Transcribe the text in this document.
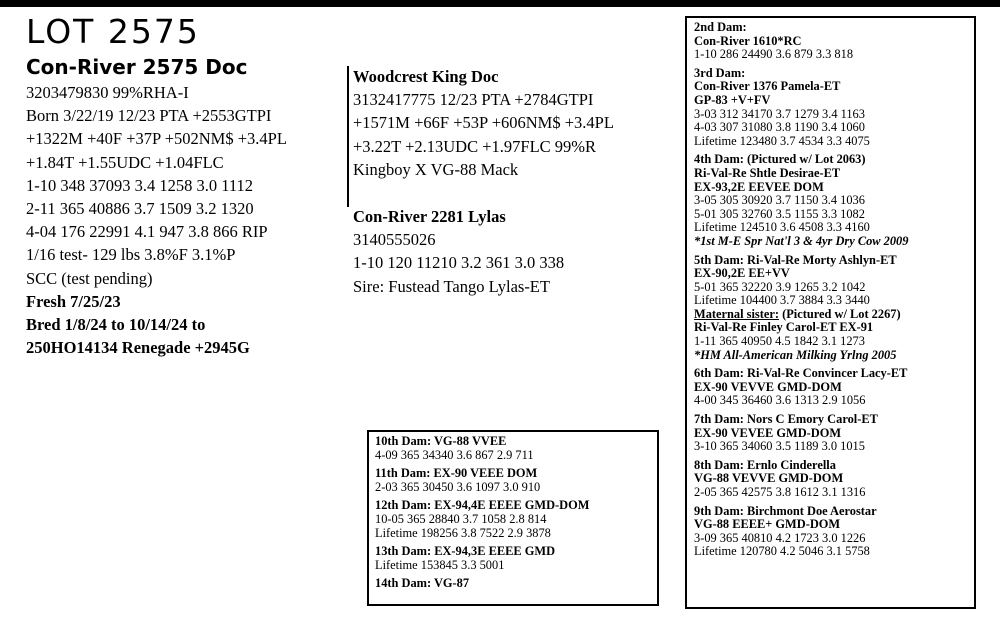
LOT 2575
Con-River 2575 Doc
3203479830 99%RHA-I
Born 3/22/19 12/23 PTA +2553GTPI
+1322M +40F +37P +502NM$ +3.4PL
+1.84T +1.55UDC +1.04FLC
1-10 348 37093 3.4 1258 3.0 1112
2-11 365 40886 3.7 1509 3.2 1320
4-04 176 22991 4.1 947 3.8 866 RIP
1/16 test- 129 lbs 3.8%F 3.1%P
SCC (test pending)
Fresh 7/25/23
Bred 1/8/24 to 10/14/24 to
250HO14134 Renegade +2945G
Woodcrest King Doc
3132417775 12/23 PTA +2784GTPI
+1571M +66F +53P +606NM$ +3.4PL
+3.22T +2.13UDC +1.97FLC 99%R
Kingboy X VG-88 Mack
Con-River 2281 Lylas
3140555026
1-10 120 11210 3.2 361 3.0 338
Sire: Fustead Tango Lylas-ET
2nd Dam:
Con-River 1610*RC
1-10 286 24490 3.6 879 3.3 818
3rd Dam:
Con-River 1376 Pamela-ET
GP-83 +V+FV
3-03 312 34170 3.7 1279 3.4 1163
4-03 307 31080 3.8 1190 3.4 1060
Lifetime 123480 3.7 4534 3.3 4075
4th Dam: (Pictured w/ Lot 2063)
Ri-Val-Re Shtle Desirae-ET
EX-93,2E EEVEE DOM
3-05 305 30920 3.7 1150 3.4 1036
5-01 305 32760 3.5 1155 3.3 1082
Lifetime 124510 3.6 4508 3.3 4160
*1st M-E Spr Nat'l 3 & 4yr Dry Cow 2009
5th Dam: Ri-Val-Re Morty Ashlyn-ET
EX-90,2E EE+VV
5-01 365 32220 3.9 1265 3.2 1042
Lifetime 104400 3.7 3884 3.3 3440
Maternal sister: (Pictured w/ Lot 2267)
Ri-Val-Re Finley Carol-ET EX-91
1-11 365 40950 4.5 1842 3.1 1273
*HM All-American Milking Yrlng 2005
6th Dam: Ri-Val-Re Convincer Lacy-ET
EX-90 VEVVE GMD-DOM
4-00 345 36460 3.6 1313 2.9 1056
7th Dam: Nors C Emory Carol-ET
EX-90 VEVEE GMD-DOM
3-10 365 34060 3.5 1189 3.0 1015
8th Dam: Ernlo Cinderella
VG-88 VEVVE GMD-DOM
2-05 365 42575 3.8 1612 3.1 1316
9th Dam: Birchmont Doe Aerostar
VG-88 EEEE+ GMD-DOM
3-09 365 40810 4.2 1723 3.0 1226
Lifetime 120780 4.2 5046 3.1 5758
10th Dam: VG-88 VVEE
4-09 365 34340 3.6 867 2.9 711
11th Dam: EX-90 VEEE DOM
2-03 365 30450 3.6 1097 3.0 910
12th Dam: EX-94,4E EEEE GMD-DOM
10-05 365 28840 3.7 1058 2.8 814
Lifetime 198256 3.8 7522 2.9 3878
13th Dam: EX-94,3E EEEE GMD
Lifetime 153845 3.3 5001
14th Dam: VG-87
